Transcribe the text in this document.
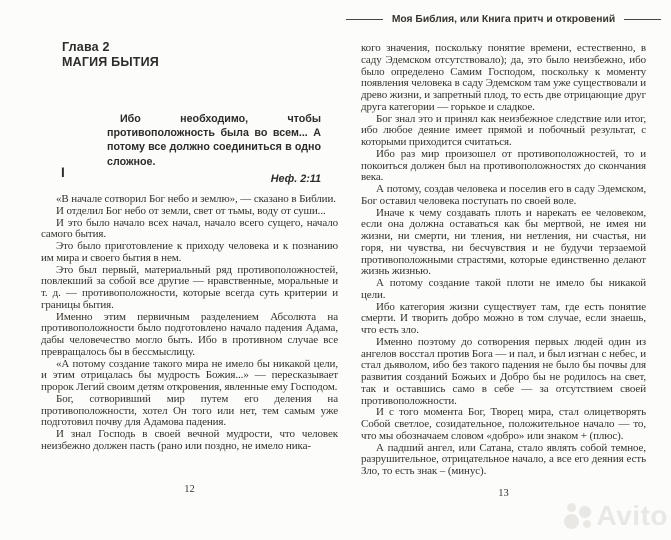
Глава 2
МАГИЯ БЫТИЯ
Ибо необходимо, чтобы противоположность была во всем... А потому все должно соединиться в одно сложное.
Неф. 2:11
I

«В начале сотворил Бог небо и землю», — сказано в Библии.

И отделил Бог небо от земли, свет от тьмы, воду от суши...

И это было начало всех начал, начало всего сущего, начало самого бытия.

Это было приготовление к приходу человека и к познанию им мира и своего бытия в нем.

Это был первый, материальный ряд противоположностей, повлекший за собой все другие — нравственные, моральные и т. д. — противоположности, которые всегда суть критерии и границы бытия.

Именно этим первичным разделением Абсолюта на противоположности было подготовлено начало падения Адама, дабы человечество могло быть. Ибо в противном случае все превращалось бы в бессмыслицу.

«А потому создание такого мира не имело бы никакой цели, и этим отрицалась бы мудрость Божия...» — пересказывает пророк Легий своим детям откровения, явленные ему Господом.

Бог, сотворивший мир путем его деления на противоположности, хотел Он того или нет, тем самым уже подготовил почву для Адамова падения.

И знал Господь в своей вечной мудрости, что человек неизбежно должен пасть (рано или поздно, не имело ника-

12
Моя Библия, или Книга притч и откровений

кого значения, поскольку понятие времени, естественно, в саду Эдемском отсутствовало); да, это было неизбежно, ибо было определено Самим Господом, поскольку к моменту появления человека в саду Эдемском там уже существовали и древо жизни, и запретный плод, то есть две отрицающие друг друга категории — горькое и сладкое.

Бог знал это и принял как неизбежное следствие или итог, ибо любое деяние имеет прямой и побочный результат, с которыми приходится считаться.

Ибо раз мир произошел от противоположностей, то и покоиться должен был на противоположностях до скончания века.

А потому, создав человека и поселив его в саду Эдемском, Бог оставил человека поступать по своей воле.

Иначе к чему создавать плоть и нарекать ее человеком, если она должна оставаться как бы мертвой, не имея ни жизни, ни смерти, ни тления, ни нетления, ни счастья, ни горя, ни чувства, ни бесчувствия и не будучи терзаемой противоположными страстями, которые единственно делают жизнь жизнью.

А потому создание такой плоти не имело бы никакой цели.

Ибо категория жизни существует там, где есть понятие смерти. И творить добро можно в том случае, если знаешь, что есть зло.

Именно поэтому до сотворения первых людей один из ангелов восстал против Бога — и пал, и был изгнан с небес, и стал дьяволом, ибо без такого падения не было бы почвы для развития созданий Божьих и Добро бы не родилось на свет, так и оставшись само в себе — за отсутствием своей противоположности.

И с того момента Бог, Творец мира, стал олицетворять Собой светлое, созидательное, положительное начало — то, что мы обозначаем словом «добро» или знаком + (плюс).

А падший ангел, или Сатана, стало являть собой темное, разрушительное, отрицательное начало, а все его деяния есть Зло, то есть знак – (минус).

13
Avito
